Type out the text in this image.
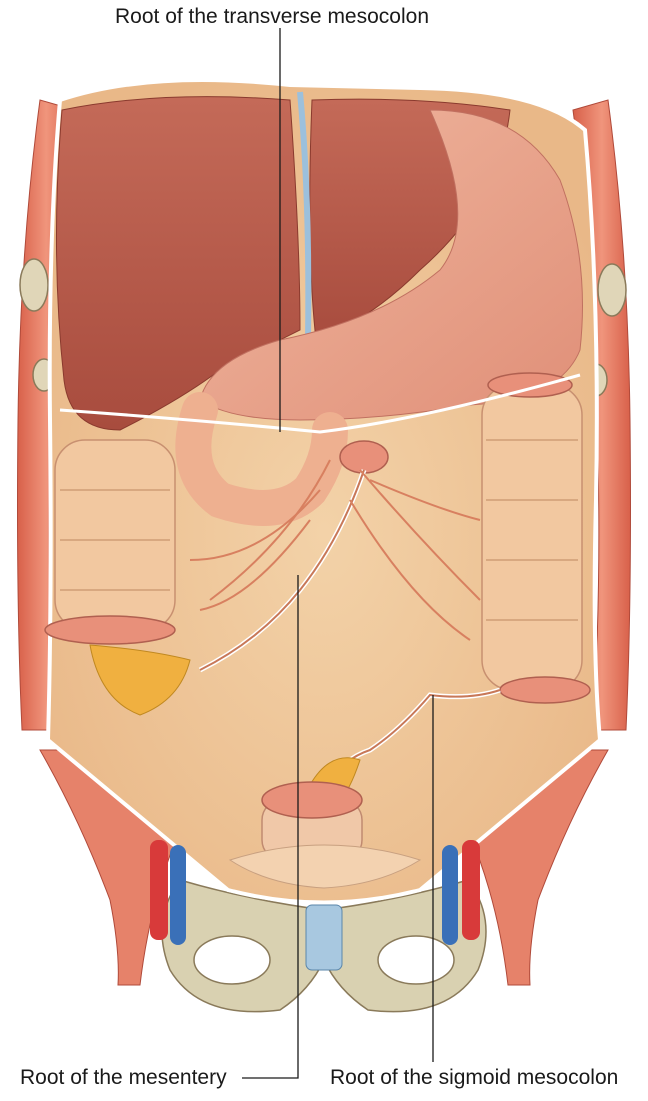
Root of the transverse mesocolon
Root of the mesentery	Root of the sigmoid mesocolon
